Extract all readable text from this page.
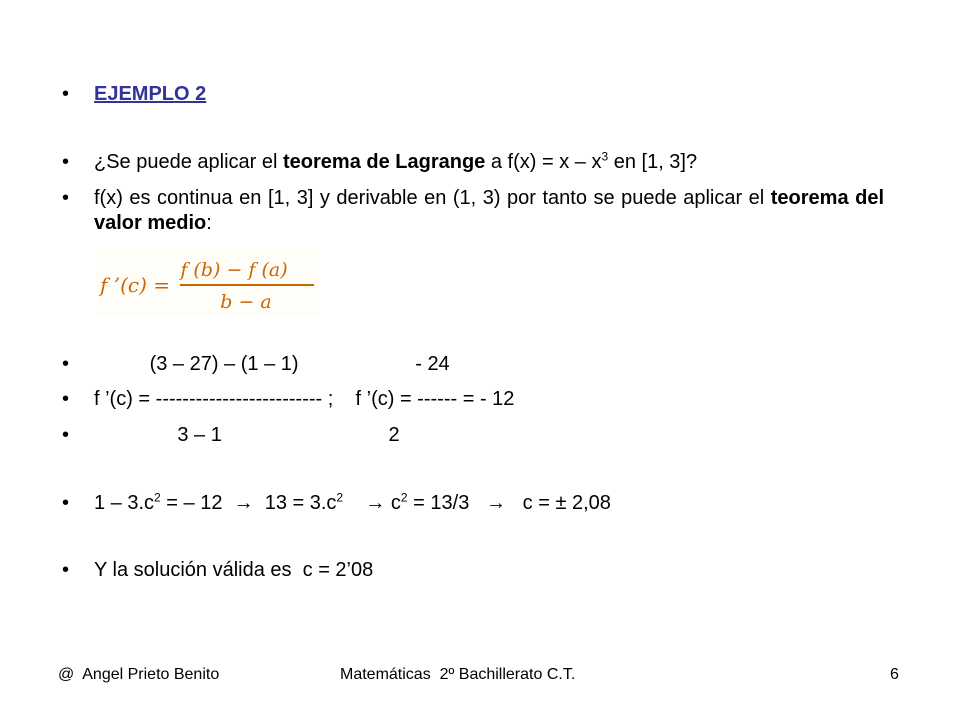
•	EJEMPLO 2
•	¿Se puede aplicar el teorema de Lagrange a $f(x) = x - x^3$ en [1, 3]?
•	f(x) es continua en [1, 3] y derivable en (1, 3) por tanto se puede aplicar el teorema del valor medio:
f ’(c) =
f (b) − f (a)
b − a
•	(3 – 27) – (1 – 1)                     - 24
•	f ’(c) = ------------------------- ;    f ’(c) = ------ = - 12
•	3 – 1                              2
•	$1 - 3.c^2$ = – $12 \to 13 = 3.c^2 \to c^2 = 13/3 \to c$ = ± 2,08
•	Y la solución válida es  c = 2’08
@  Angel Prieto Benito	Matemáticas  2º Bachillerato C.T.	6
